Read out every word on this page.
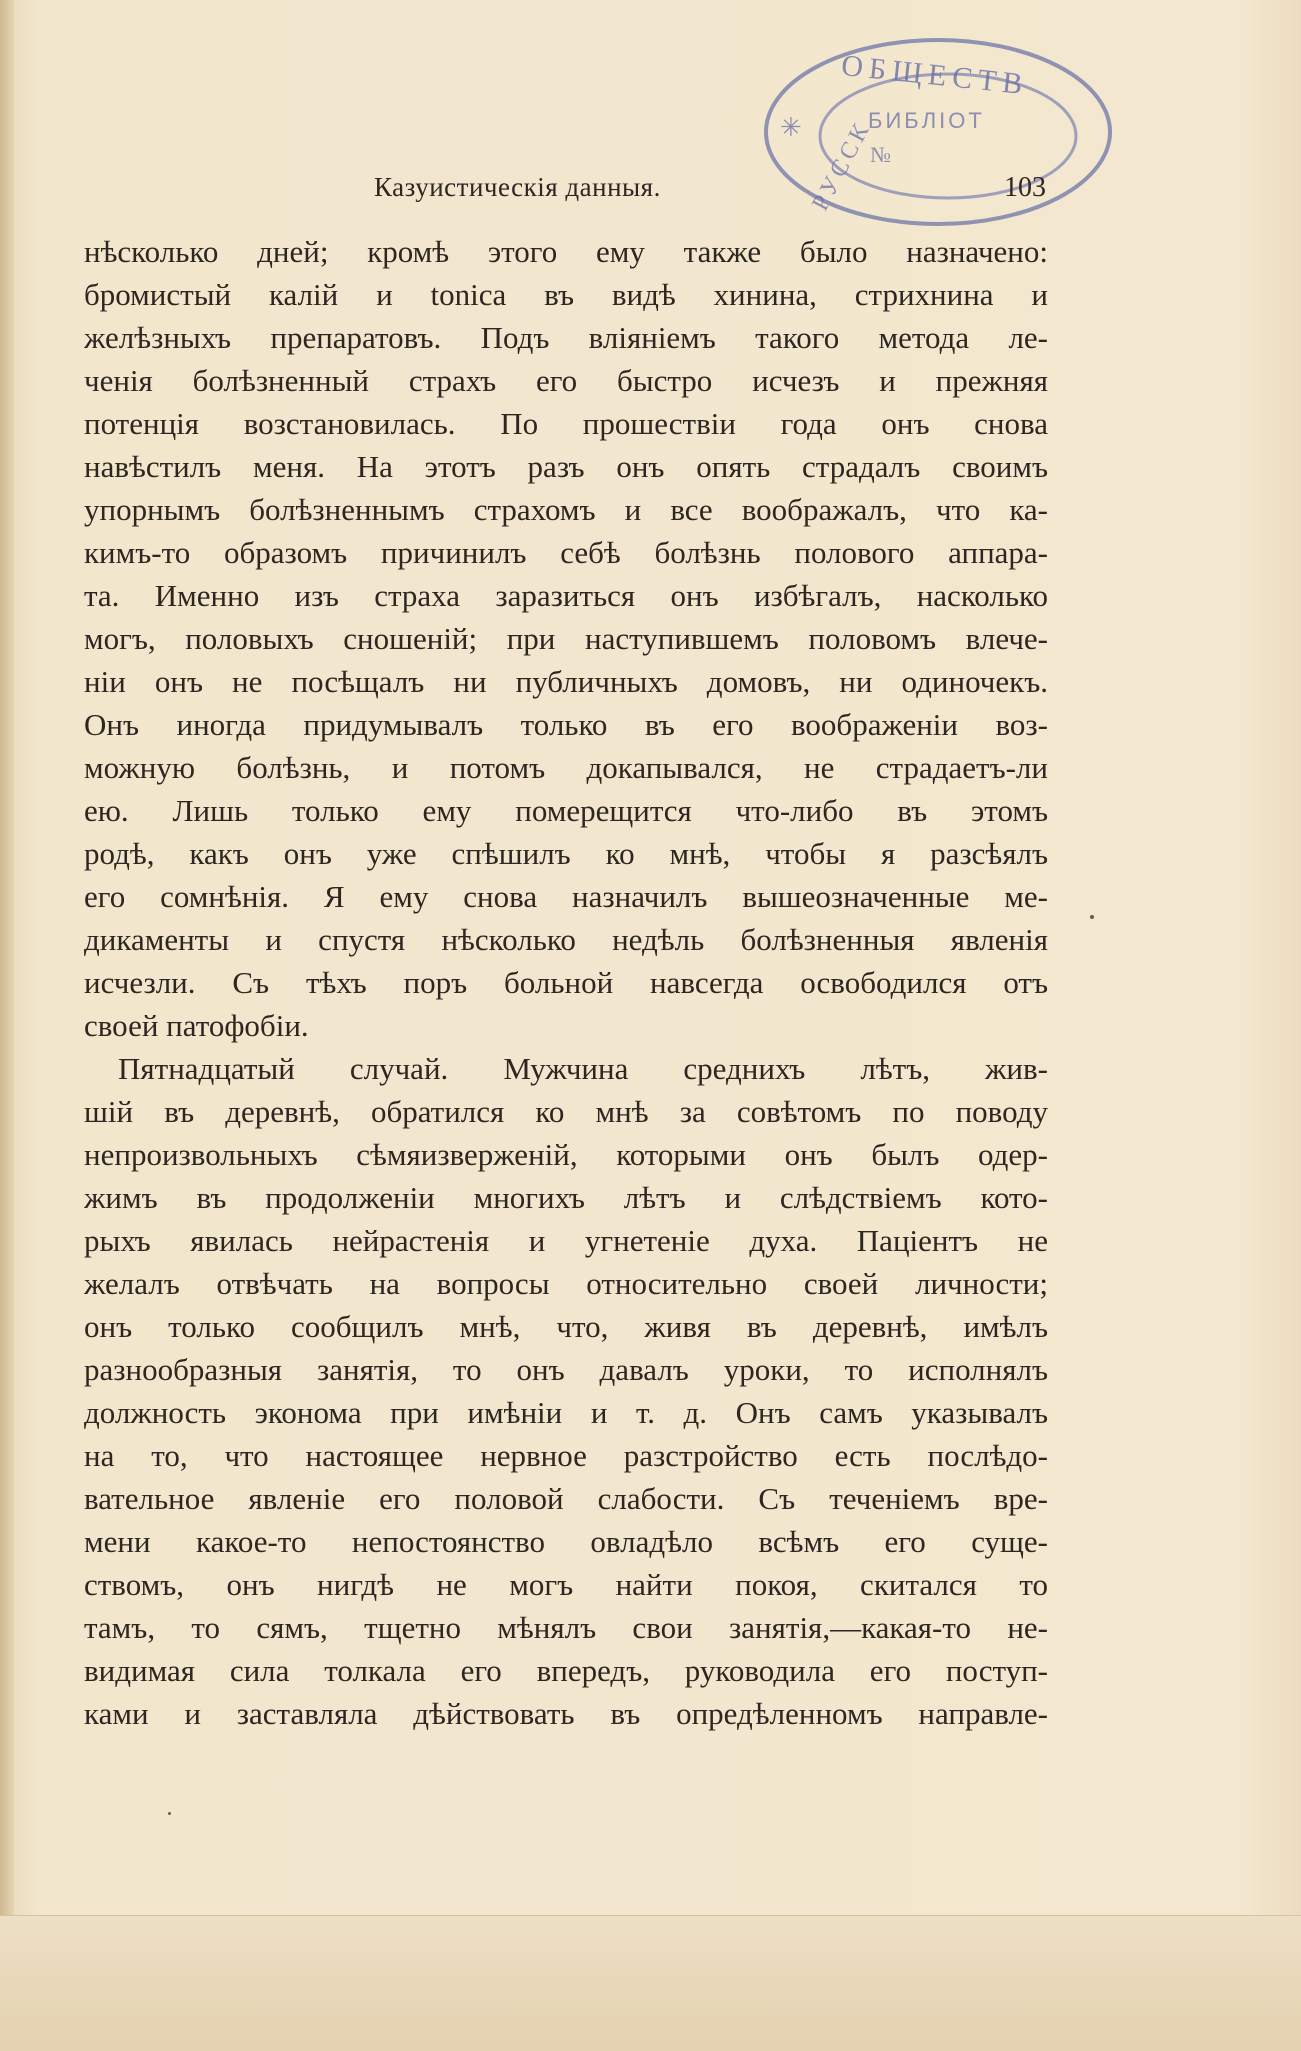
ОБЩЕСТВ
БИБЛІОТ
№
РУССК
✳
Казуистическія данныя.	103
нѣсколько дней; кромѣ этого ему также было назначено:
бромистый калій и tonica въ видѣ хинина, стрихнина и
желѣзныхъ препаратовъ. Подъ вліяніемъ такого метода ле-
ченія болѣзненный страхъ его быстро исчезъ и прежняя
потенція возстановилась. По прошествіи года онъ снова
навѣстилъ меня. На этотъ разъ онъ опять страдалъ своимъ
упорнымъ болѣзненнымъ страхомъ и все воображалъ, что ка-
кимъ-то образомъ причинилъ себѣ болѣзнь полового аппара-
та. Именно изъ страха заразиться онъ избѣгалъ, насколько
могъ, половыхъ сношеній; при наступившемъ половомъ влече-
ніи онъ не посѣщалъ ни публичныхъ домовъ, ни одиночекъ.
Онъ иногда придумывалъ только въ его воображеніи воз-
можную болѣзнь, и потомъ докапывался, не страдаетъ-ли
ею. Лишь только ему померещится что-либо въ этомъ
родѣ, какъ онъ уже спѣшилъ ко мнѣ, чтобы я разсѣялъ
его сомнѣнія. Я ему снова назначилъ вышеозначенные ме-
дикаменты и спустя нѣсколько недѣль болѣзненныя явленія
исчезли. Съ тѣхъ поръ больной навсегда освободился отъ
своей патофобіи.
Пятнадцатый случай. Мужчина среднихъ лѣтъ, жив-
шій въ деревнѣ, обратился ко мнѣ за совѣтомъ по поводу
непроизвольныхъ сѣмяизверженій, которыми онъ былъ одер-
жимъ въ продолженіи многихъ лѣтъ и слѣдствіемъ кото-
рыхъ явилась нейрастенія и угнетеніе духа. Паціентъ не
желалъ отвѣчать на вопросы относительно своей личности;
онъ только сообщилъ мнѣ, что, живя въ деревнѣ, имѣлъ
разнообразныя занятія, то онъ давалъ уроки, то исполнялъ
должность эконома при имѣніи и т. д. Онъ самъ указывалъ
на то, что настоящее нервное разстройство есть послѣдо-
вательное явленіе его половой слабости. Съ теченіемъ вре-
мени какое-то непостоянство овладѣло всѣмъ его суще-
ствомъ, онъ нигдѣ не могъ найти покоя, скитался то
тамъ, то сямъ, тщетно мѣнялъ свои занятія,—какая-то не-
видимая сила толкала его впередъ, руководила его поступ-
ками и заставляла дѣйствовать въ опредѣленномъ направле-
